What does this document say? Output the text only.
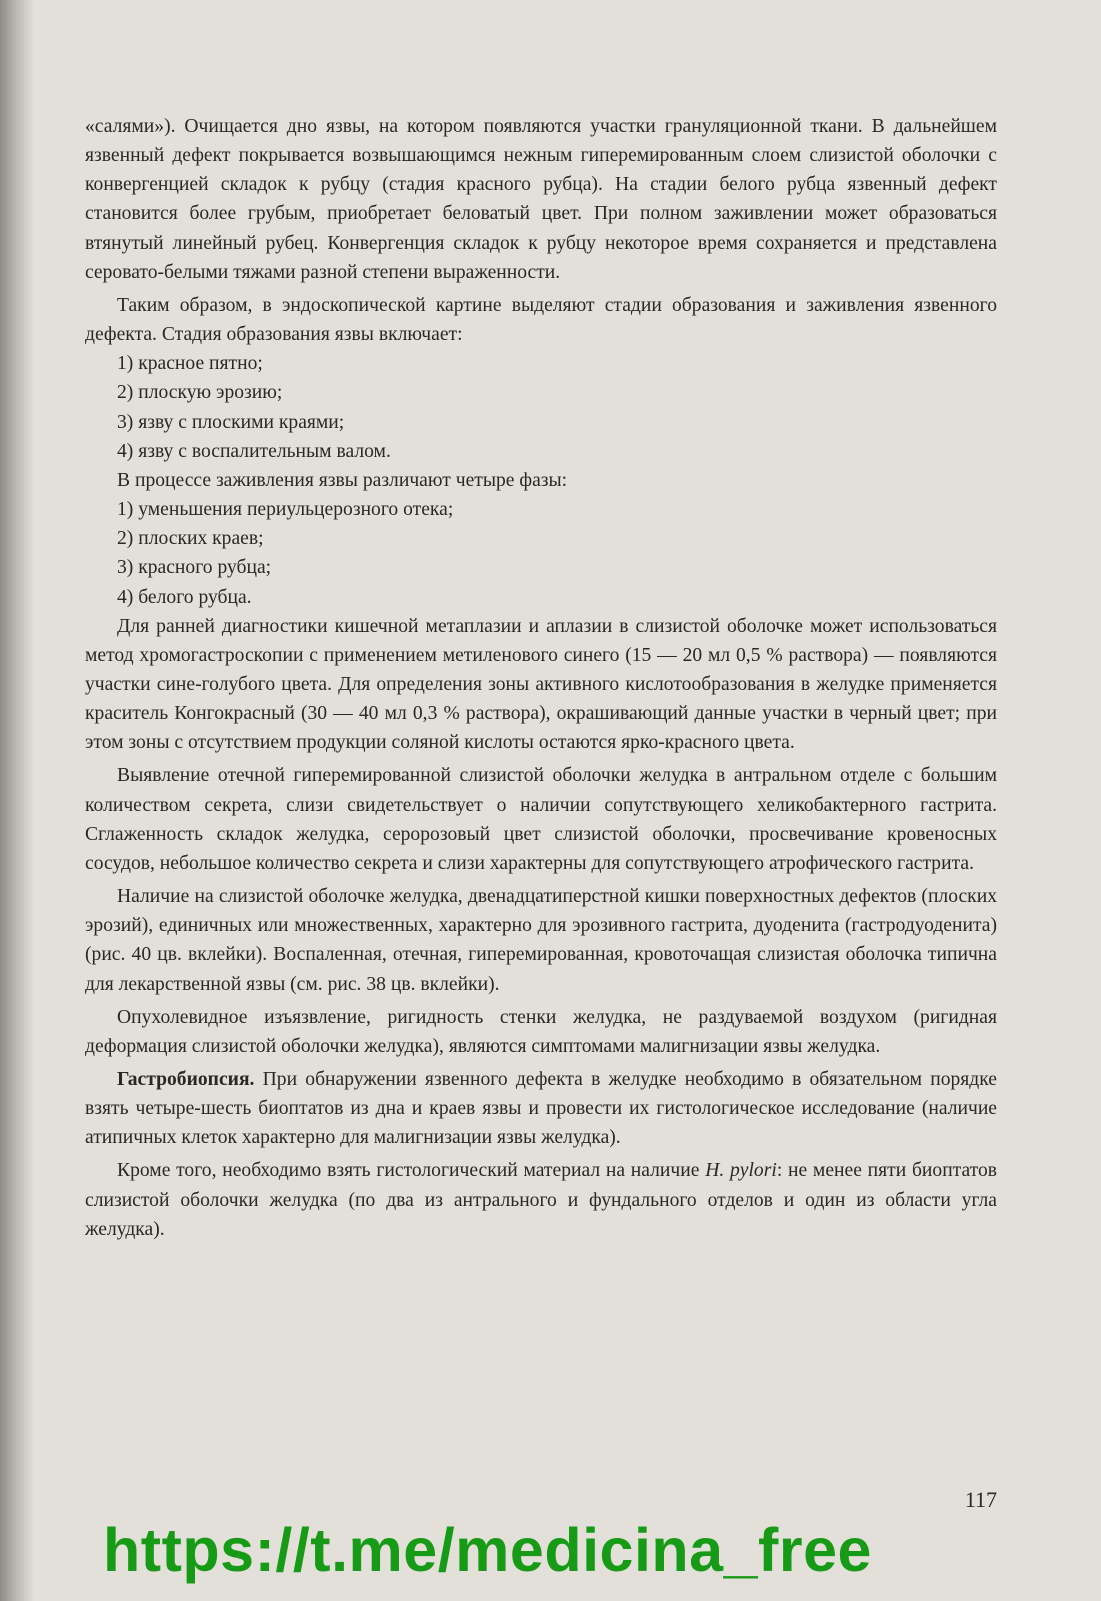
«салями»). Очищается дно язвы, на котором появляются участки грануляционной ткани. В дальнейшем язвенный дефект покрывается возвышающимся нежным гиперемированным слоем слизистой оболочки с конвергенцией складок к рубцу (стадия красного рубца). На стадии белого рубца язвенный дефект становится более грубым, приобретает беловатый цвет. При полном заживлении может образоваться втянутый линейный рубец. Конвергенция складок к рубцу некоторое время сохраняется и представлена серовато-белыми тяжами разной степени выраженности.

Таким образом, в эндоскопической картине выделяют стадии образования и заживления язвенного дефекта. Стадия образования язвы включает:

1) красное пятно;

2) плоскую эрозию;

3) язву с плоскими краями;

4) язву с воспалительным валом.

В процессе заживления язвы различают четыре фазы:

1) уменьшения периульцерозного отека;

2) плоских краев;

3) красного рубца;

4) белого рубца.

Для ранней диагностики кишечной метаплазии и аплазии в слизистой оболочке может использоваться метод хромогастроскопии с применением метиленового синего (15 — 20 мл 0,5 % раствора) — появляются участки сине-голубого цвета. Для определения зоны активного кислотообразования в желудке применяется краситель Конгокрасный (30 — 40 мл 0,3 % раствора), окрашивающий данные участки в черный цвет; при этом зоны с отсутствием продукции соляной кислоты остаются ярко-красного цвета.

Выявление отечной гиперемированной слизистой оболочки желудка в антральном отделе с большим количеством секрета, слизи свидетельствует о наличии сопутствующего хеликобактерного гастрита. Сглаженность складок желудка, серорозовый цвет слизистой оболочки, просвечивание кровеносных сосудов, небольшое количество секрета и слизи характерны для сопутствующего атрофического гастрита.

Наличие на слизистой оболочке желудка, двенадцатиперстной кишки поверхностных дефектов (плоских эрозий), единичных или множественных, характерно для эрозивного гастрита, дуоденита (гастродуоденита) (рис. 40 цв. вклейки). Воспаленная, отечная, гиперемированная, кровоточащая слизистая оболочка типична для лекарственной язвы (см. рис. 38 цв. вклейки).

Опухолевидное изъязвление, ригидность стенки желудка, не раздуваемой воздухом (ригидная деформация слизистой оболочки желудка), являются симптомами малигнизации язвы желудка.

Гастробиопсия. При обнаружении язвенного дефекта в желудке необходимо в обязательном порядке взять четыре-шесть биоптатов из дна и краев язвы и провести их гистологическое исследование (наличие атипичных клеток характерно для малигнизации язвы желудка).

Кроме того, необходимо взять гистологический материал на наличие H. pylori: не менее пяти биоптатов слизистой оболочки желудка (по два из антрального и фундального отделов и один из области угла желудка).

117
https://t.me/medicina_free
